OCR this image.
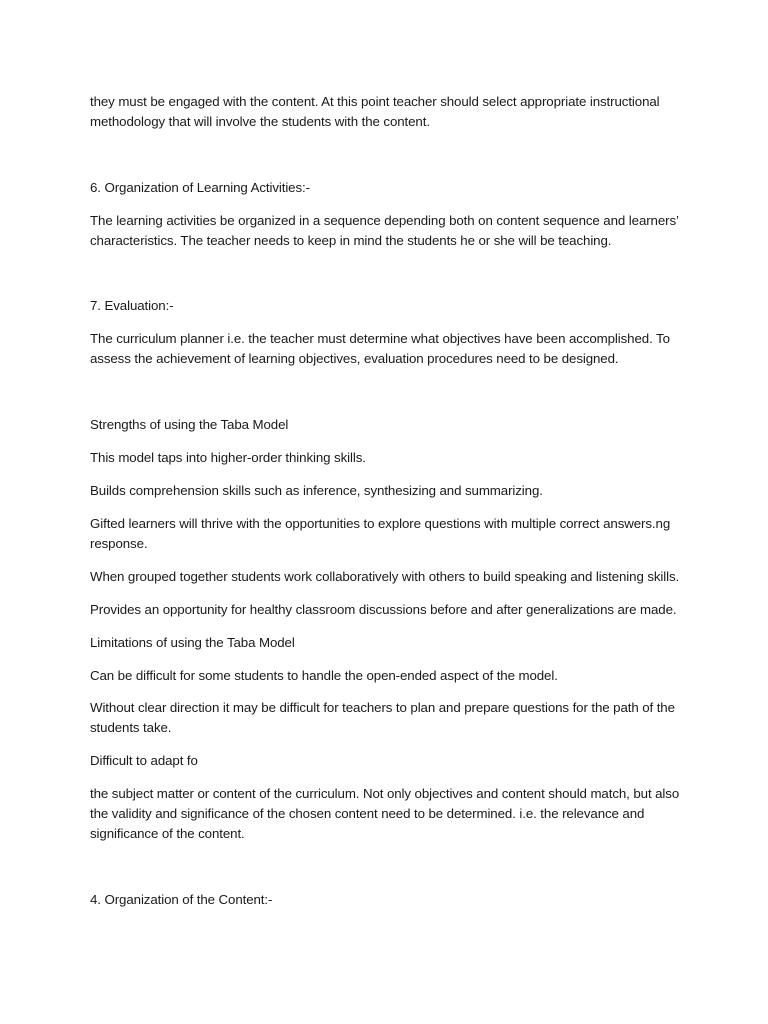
they must be engaged with the content. At this point teacher should select appropriate instructional methodology that will involve the students with the content.

6. Organization of Learning Activities:-

The learning activities be organized in a sequence depending both on content sequence and learners’ characteristics. The teacher needs to keep in mind the students he or she will be teaching.

7. Evaluation:-

The curriculum planner i.e. the teacher must determine what objectives have been accomplished. To assess the achievement of learning objectives, evaluation procedures need to be designed.

Strengths of using the Taba Model

This model taps into higher-order thinking skills.

Builds comprehension skills such as inference, synthesizing and summarizing.

Gifted learners will thrive with the opportunities to explore questions with multiple correct answers.ng response.

When grouped together students work collaboratively with others to build speaking and listening skills.

Provides an opportunity for healthy classroom discussions before and after generalizations are made.

Limitations of using the Taba Model

Can be difficult for some students to handle the open-ended aspect of the model.

Without clear direction it may be difficult for teachers to plan and prepare questions for the path of the students take.

Difficult to adapt fo

the subject matter or content of the curriculum. Not only objectives and content should match, but also the validity and significance of the chosen content need to be determined. i.e. the relevance and significance of the content.

4. Organization of the Content:-
